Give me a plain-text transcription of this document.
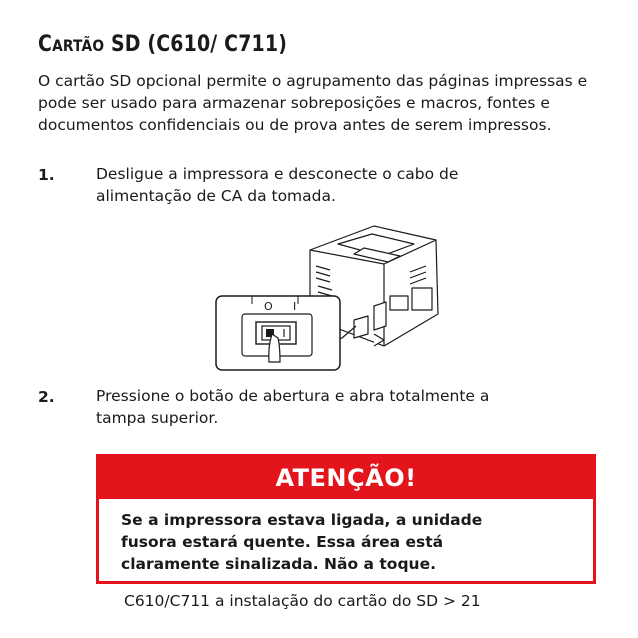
CARTÃO SD (C610/ C711)
O cartão SD opcional permite o agrupamento das páginas impressas e pode ser usado para armazenar sobreposições e macros, fontes e documentos confidenciais ou de prova antes de serem impressos.
1.	Desligue a impressora e desconecte o cabo de
alimentação de CA da tomada.
O I
2.	Pressione o botão de abertura e abra totalmente a
tampa superior.
ATENÇÃO!
Se a impressora estava ligada, a unidade
fusora estará quente. Essa área está
claramente sinalizada. Não a toque.
C610/C711 a instalação do cartão do SD > 21
